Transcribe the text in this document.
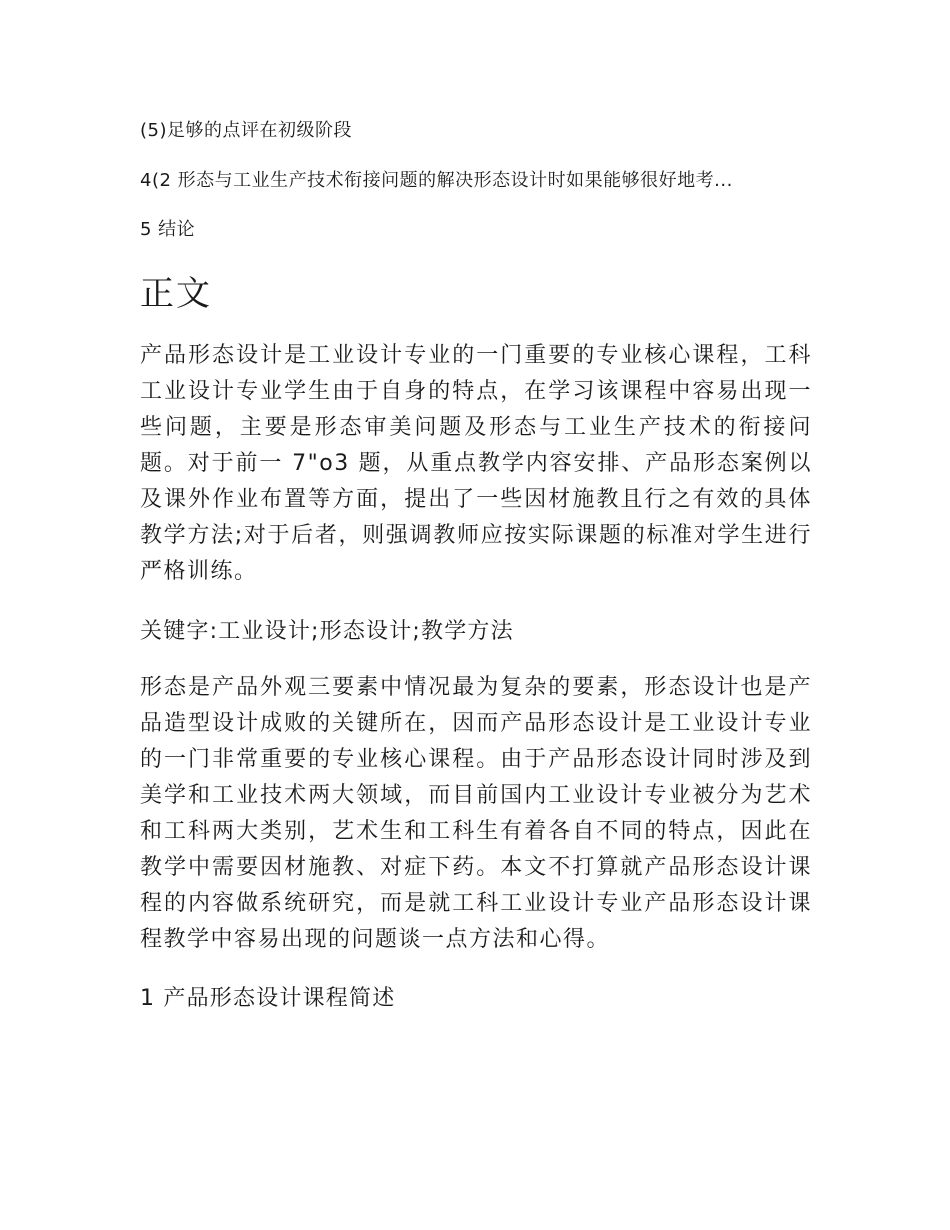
(5)足够的点评在初级阶段
4(2 形态与工业生产技术衔接问题的解决形态设计时如果能够很好地考...
5 结论
正文

产品形态设计是工业设计专业的一门重要的专业核心课程，工科工业设计专业学生由于自身的特点，在学习该课程中容易出现一些问题，主要是形态审美问题及形态与工业生产技术的衔接问题。对于前一 7"o3 题，从重点教学内容安排、产品形态案例以及课外作业布置等方面，提出了一些因材施教且行之有效的具体教学方法;对于后者，则强调教师应按实际课题的标准对学生进行严格训练。

关键字:工业设计;形态设计;教学方法

形态是产品外观三要素中情况最为复杂的要素，形态设计也是产品造型设计成败的关键所在，因而产品形态设计是工业设计专业的一门非常重要的专业核心课程。由于产品形态设计同时涉及到美学和工业技术两大领域，而目前国内工业设计专业被分为艺术和工科两大类别，艺术生和工科生有着各自不同的特点，因此在教学中需要因材施教、对症下药。本文不打算就产品形态设计课程的内容做系统研究，而是就工科工业设计专业产品形态设计课程教学中容易出现的问题谈一点方法和心得。

1 产品形态设计课程简述
